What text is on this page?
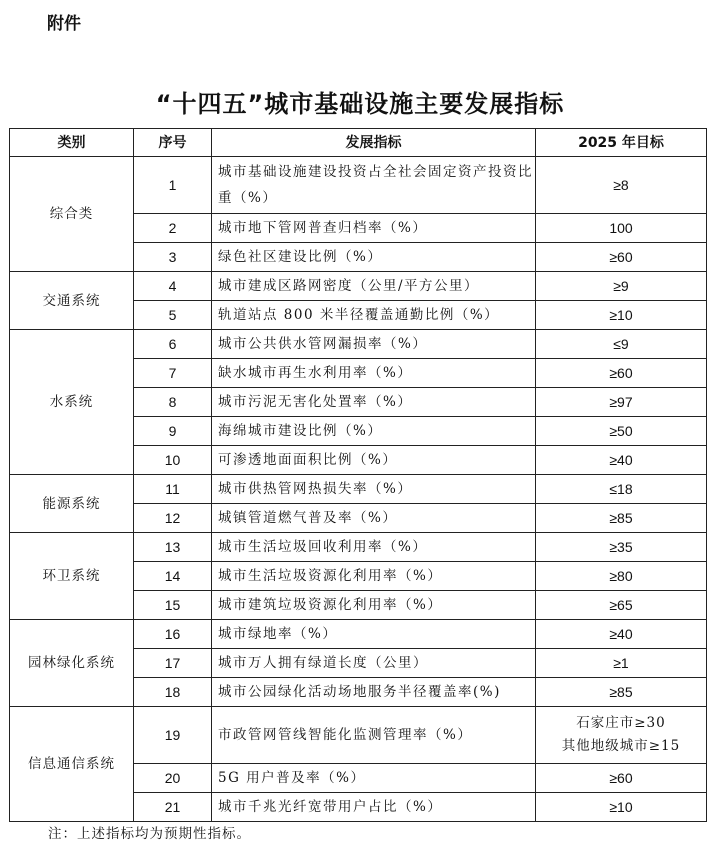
附件
“十四五”城市基础设施主要发展指标
类别	序号	发展指标	2025 年目标
综合类	1	城市基础设施建设投资占全社会固定资产投资比重（%）	≥8
	2	城市地下管网普查归档率（%）	100
	3	绿色社区建设比例（%）	≥60
交通系统	4	城市建成区路网密度（公里/平方公里）	≥9
	5	轨道站点 800 米半径覆盖通勤比例（%）	≥10
水系统	6	城市公共供水管网漏损率（%）	≤9
	7	缺水城市再生水利用率（%）	≥60
	8	城市污泥无害化处置率（%）	≥97
	9	海绵城市建设比例（%）	≥50
	10	可渗透地面面积比例（%）	≥40
能源系统	11	城市供热管网热损失率（%）	≤18
	12	城镇管道燃气普及率（%）	≥85
环卫系统	13	城市生活垃圾回收利用率（%）	≥35
	14	城市生活垃圾资源化利用率（%）	≥80
	15	城市建筑垃圾资源化利用率（%）	≥65
园林绿化系统	16	城市绿地率（%）	≥40
	17	城市万人拥有绿道长度（公里）	≥1
	18	城市公园绿化活动场地服务半径覆盖率(%)	≥85
信息通信系统	19	市政管网管线智能化监测管理率（%）	石家庄市≥30
其他地级城市≥15

	20	5G 用户普及率（%）	≥60
	21	城市千兆光纤宽带用户占比（%）	≥10
注：上述指标均为预期性指标。
